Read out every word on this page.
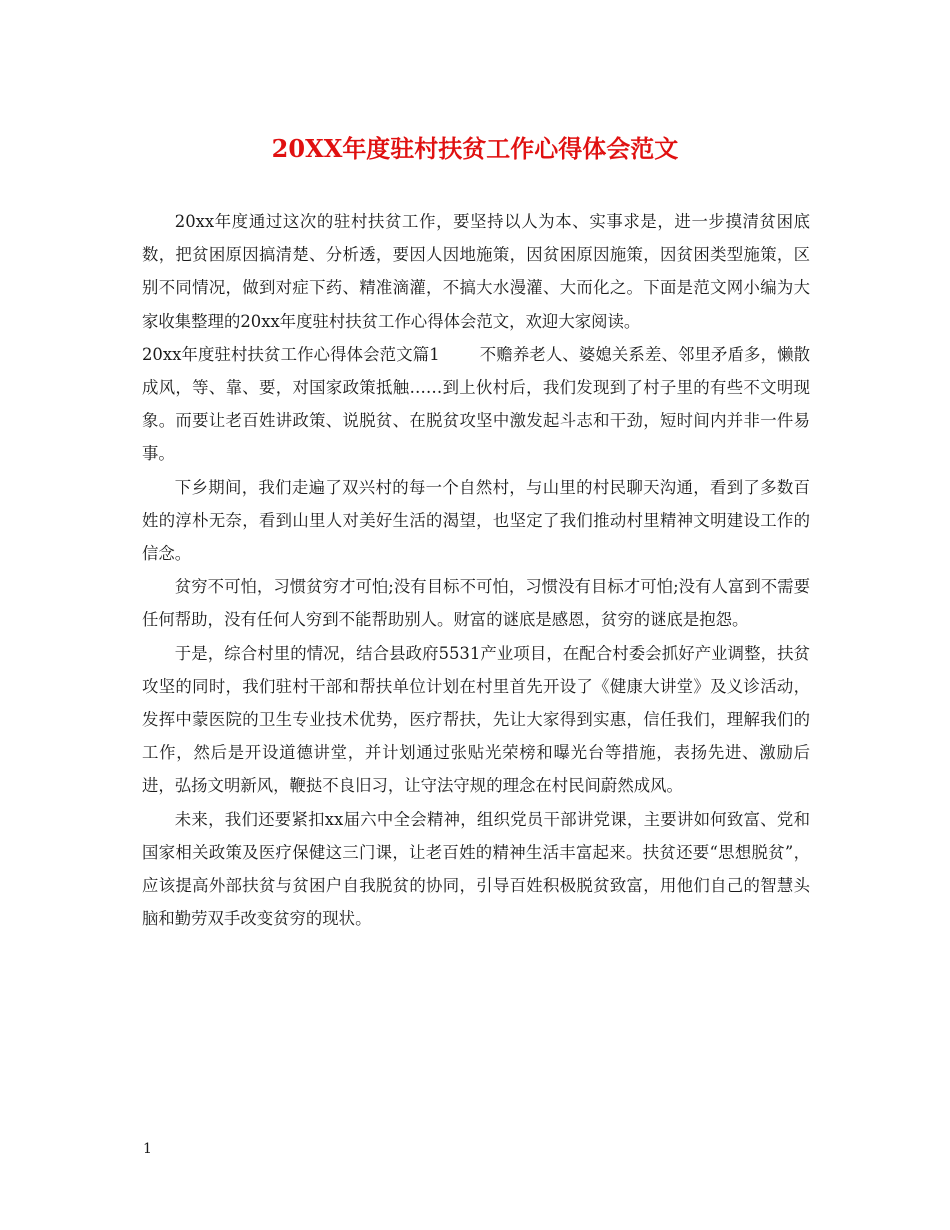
20XX年度驻村扶贫工作心得体会范文

20xx年度通过这次的驻村扶贫工作，要坚持以人为本、实事求是，进一步摸清贫困底数，把贫困原因搞清楚、分析透，要因人因地施策，因贫困原因施策，因贫困类型施策，区别不同情况，做到对症下药、精准滴灌，不搞大水漫灌、大而化之。下面是范文网小编为大家收集整理的20xx年度驻村扶贫工作心得体会范文，欢迎大家阅读。

20xx年度驻村扶贫工作心得体会范文篇1 不赡养老人、婆媳关系差、邻里矛盾多，懒散成风，等、靠、要，对国家政策抵触……到上伙村后，我们发现到了村子里的有些不文明现象。而要让老百姓讲政策、说脱贫、在脱贫攻坚中激发起斗志和干劲，短时间内并非一件易事。

下乡期间，我们走遍了双兴村的每一个自然村，与山里的村民聊天沟通，看到了多数百姓的淳朴无奈，看到山里人对美好生活的渴望，也坚定了我们推动村里精神文明建设工作的信念。

贫穷不可怕，习惯贫穷才可怕;没有目标不可怕，习惯没有目标才可怕;没有人富到不需要任何帮助，没有任何人穷到不能帮助别人。财富的谜底是感恩，贫穷的谜底是抱怨。

于是，综合村里的情况，结合县政府5531产业项目，在配合村委会抓好产业调整，扶贫攻坚的同时，我们驻村干部和帮扶单位计划在村里首先开设了《健康大讲堂》及义诊活动，发挥中蒙医院的卫生专业技术优势，医疗帮扶，先让大家得到实惠，信任我们，理解我们的工作，然后是开设道德讲堂，并计划通过张贴光荣榜和曝光台等措施，表扬先进、激励后进，弘扬文明新风，鞭挞不良旧习，让守法守规的理念在村民间蔚然成风。

未来，我们还要紧扣xx届六中全会精神，组织党员干部讲党课，主要讲如何致富、党和国家相关政策及医疗保健这三门课，让老百姓的精神生活丰富起来。扶贫还要“思想脱贫”，应该提高外部扶贫与贫困户自我脱贫的协同，引导百姓积极脱贫致富，用他们自己的智慧头脑和勤劳双手改变贫穷的现状。

1
